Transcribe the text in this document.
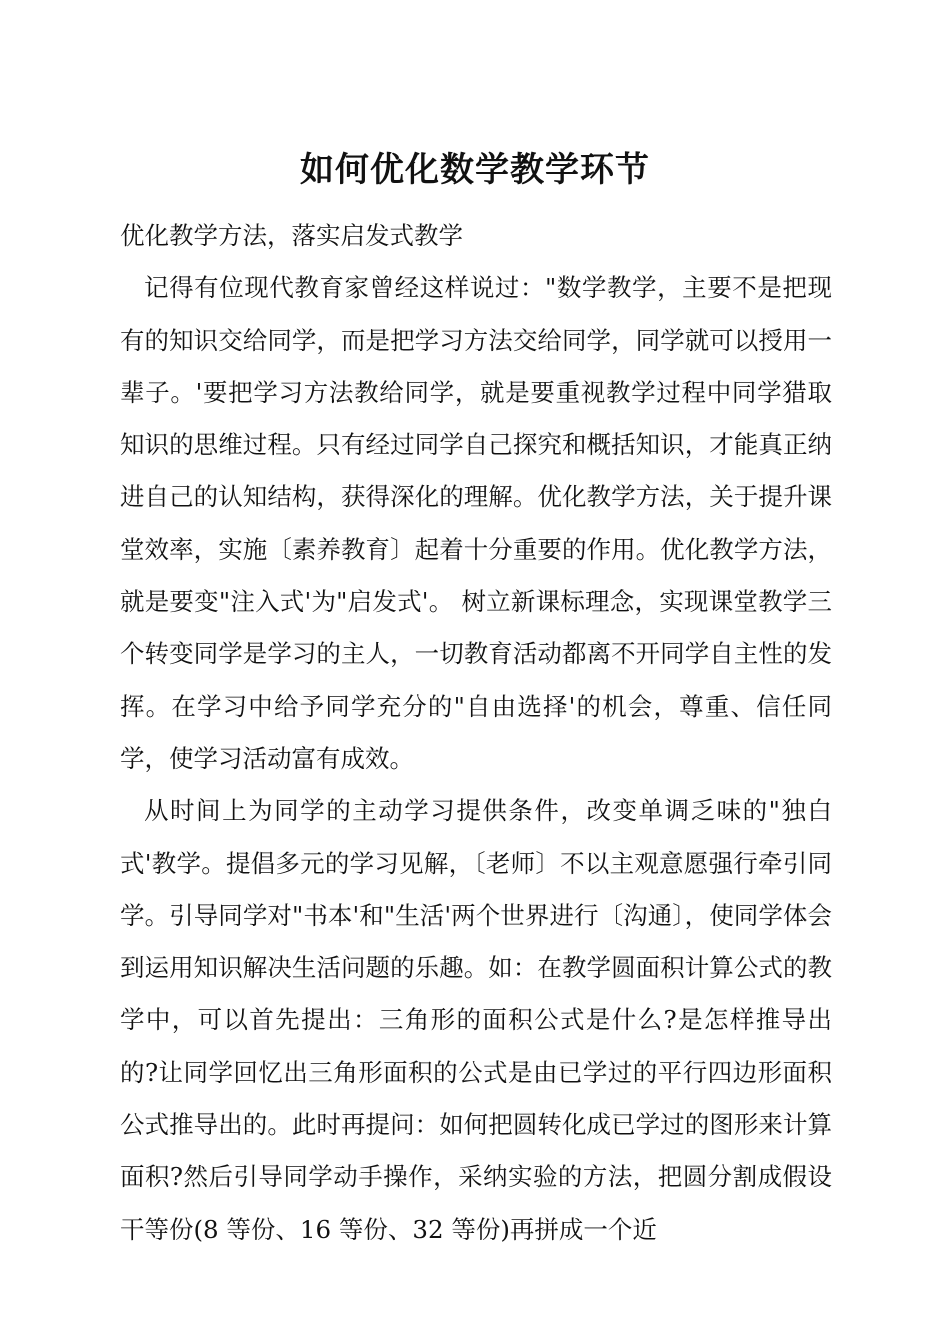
如何优化数学教学环节

优化教学方法，落实启发式教学

记得有位现代教育家曾经这样说过："数学教学，主要不是把现有的知识交给同学，而是把学习方法交给同学，同学就可以授用一辈子。'要把学习方法教给同学，就是要重视教学过程中同学猎取知识的思维过程。只有经过同学自己探究和概括知识，才能真正纳进自己的认知结构，获得深化的理解。优化教学方法，关于提升课堂效率，实施〔素养教育〕起着十分重要的作用。优化教学方法，就是要变"注入式'为"启发式'。 树立新课标理念，实现课堂教学三个转变同学是学习的主人，一切教育活动都离不开同学自主性的发挥。在学习中给予同学充分的"自由选择'的机会，尊重、信任同学，使学习活动富有成效。

从时间上为同学的主动学习提供条件，改变单调乏味的"独白式'教学。提倡多元的学习见解，〔老师〕不以主观意愿强行牵引同学。引导同学对"书本'和"生活'两个世界进行〔沟通〕，使同学体会到运用知识解决生活问题的乐趣。如：在教学圆面积计算公式的教学中，可以首先提出：三角形的面积公式是什么?是怎样推导出的?让同学回忆出三角形面积的公式是由已学过的平行四边形面积公式推导出的。此时再提问：如何把圆转化成已学过的图形来计算面积?然后引导同学动手操作，采纳实验的方法，把圆分割成假设干等份(8 等份、16 等份、32 等份)再拼成一个近
